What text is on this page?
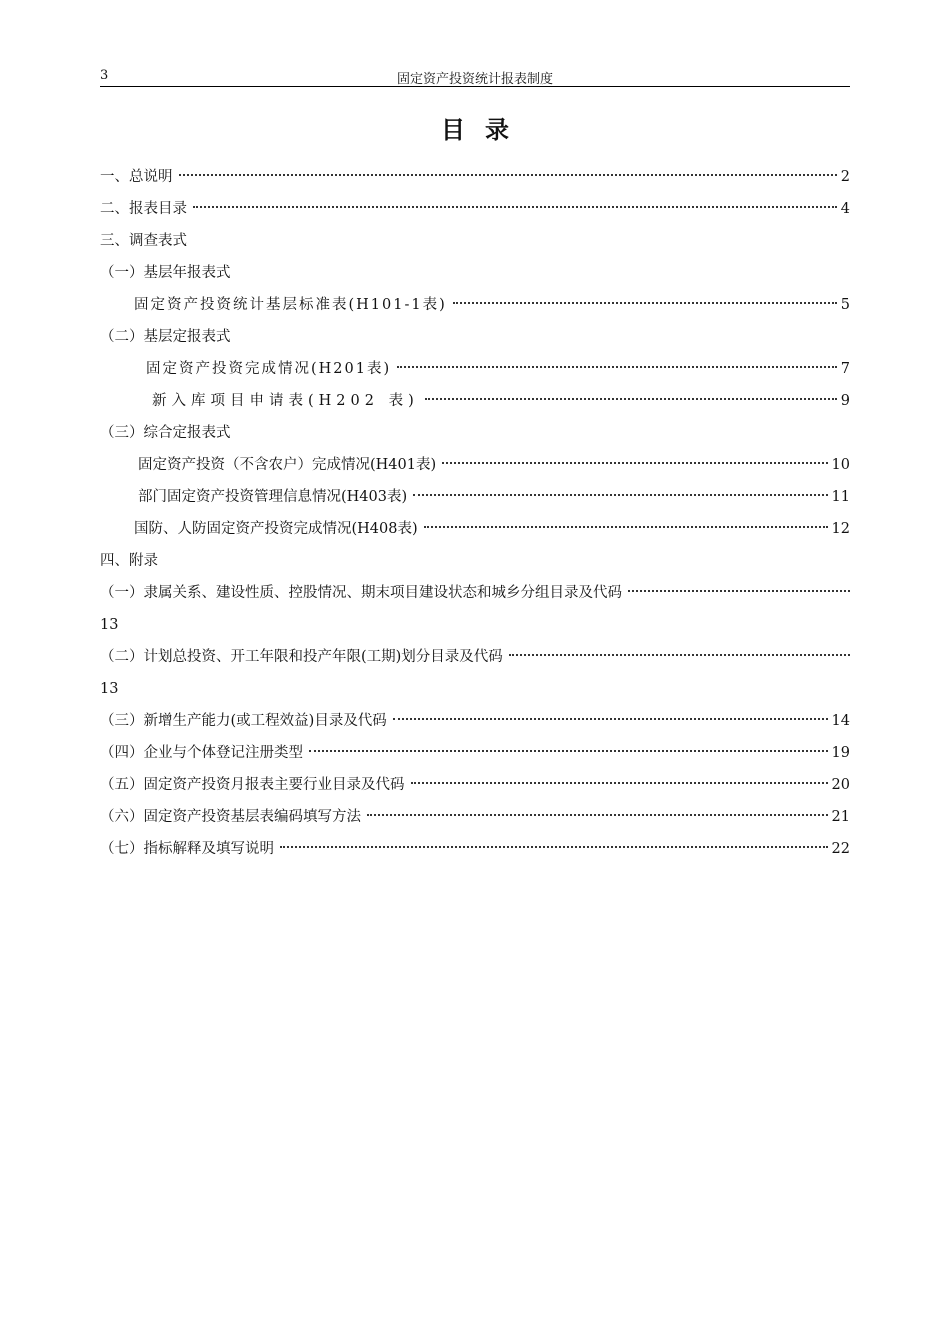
3	固定资产投资统计报表制度
目录
一、总说明	2
二、报表目录	4
三、调查表式
（一）基层年报表式
固定资产投资统计基层标准表(H101-1表)	5
（二）基层定报表式
固定资产投资完成情况(H201表)	7
新入库项目申请表(H202 表)	9
（三）综合定报表式
固定资产投资（不含农户）完成情况(H401表)	10
部门固定资产投资管理信息情况(H403表)	11
国防、人防固定资产投资完成情况(H408表)	12
四、附录
（一）隶属关系、建设性质、控股情况、期末项目建设状态和城乡分组目录及代码
13
（二）计划总投资、开工年限和投产年限(工期)划分目录及代码
13
（三）新增生产能力(或工程效益)目录及代码	14
（四）企业与个体登记注册类型	19
（五）固定资产投资月报表主要行业目录及代码	20
（六）固定资产投资基层表编码填写方法	21
（七）指标解释及填写说明	22
